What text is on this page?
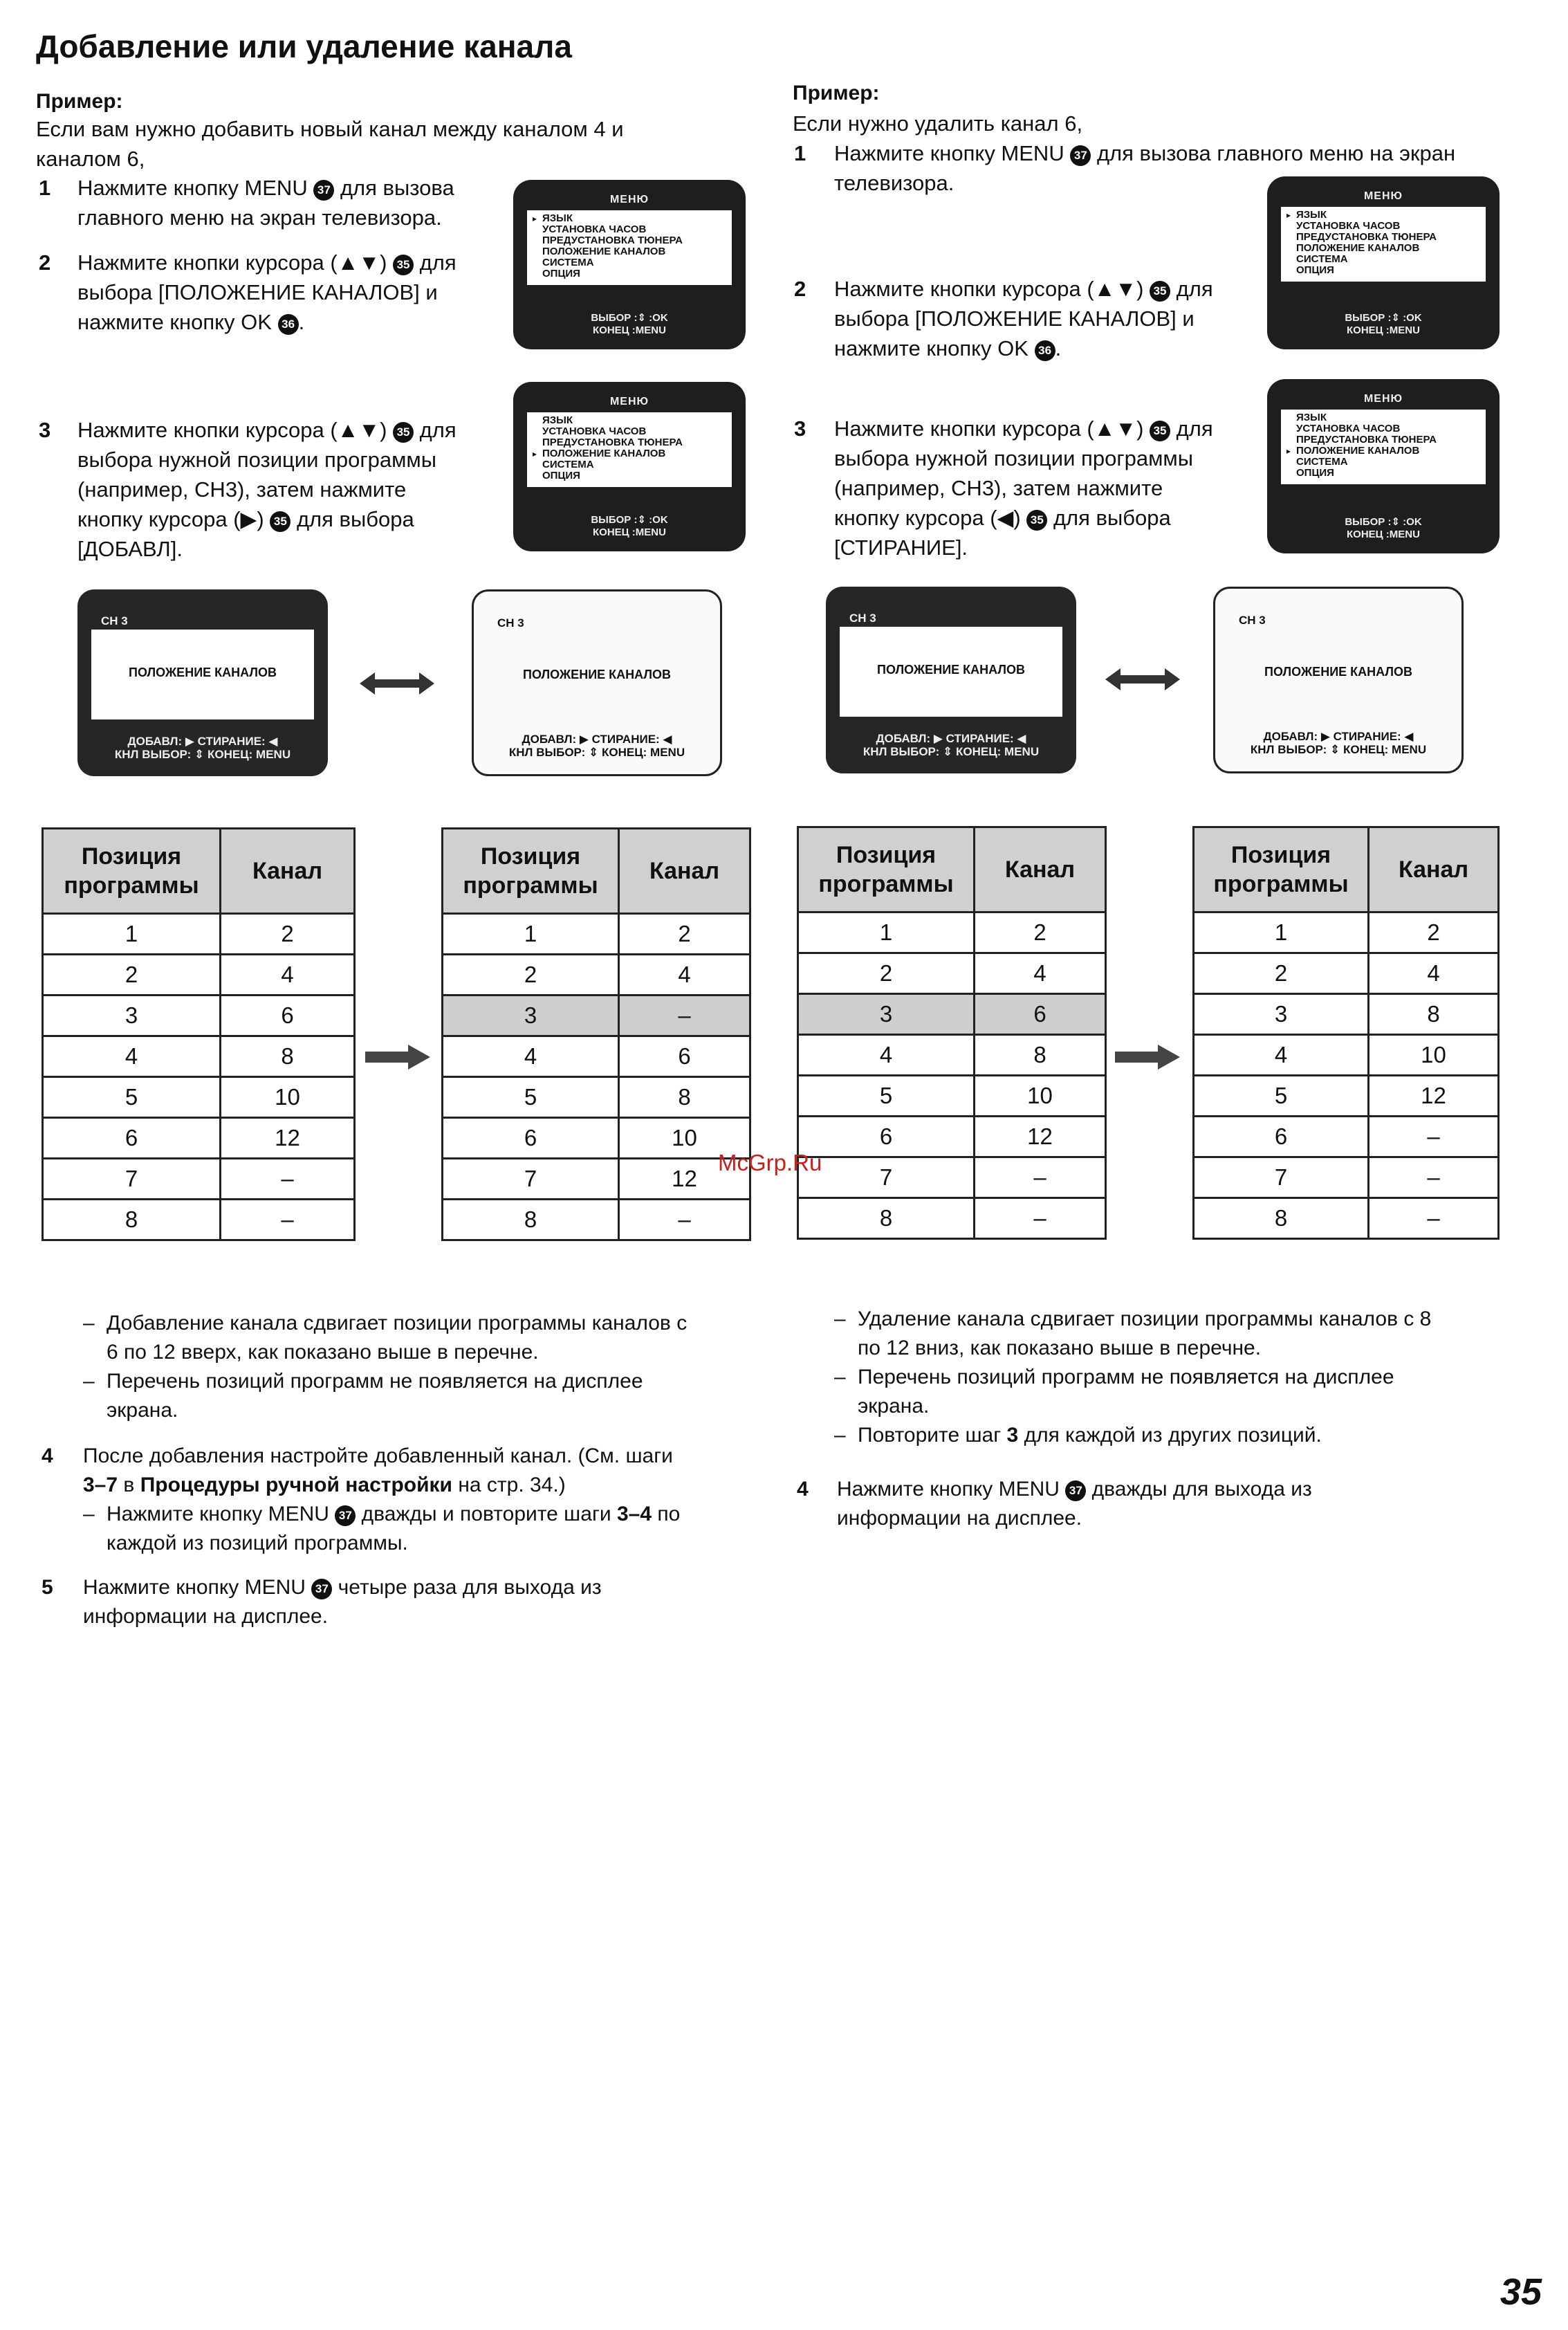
Добавление или удаление канала
Пример:
Если вам нужно добавить новый канал между каналом 4 и
каналом 6,
1 Нажмите кнопку MENU 37 для вызова
главного меню на экран телевизора.
2 Нажмите кнопки курсора (▲▼) 35 для
выбора [ПОЛОЖЕНИЕ КАНАЛОВ] и
нажмите кнопку OK 36 .
3 Нажмите кнопки курсора (▲▼) 35 для
выбора нужной позиции программы
(например, CH3), затем нажмите
кнопку курсора (▶) 35 для выбора
[ДОБАВЛ].
МЕНЮ
▸ ЯЗЫК
УСТАНОВКА ЧАСОВ
ПРЕДУСТАНОВКА ТЮНЕРА
ПОЛОЖЕНИЕ КАНАЛОВ
СИСТЕМА
ОПЦИЯ
ВЫБОР :⇕ :OK
КОНЕЦ :MENU
МЕНЮ
ЯЗЫК
УСТАНОВКА ЧАСОВ
ПРЕДУСТАНОВКА ТЮНЕРА
▸ ПОЛОЖЕНИЕ КАНАЛОВ
СИСТЕМА
ОПЦИЯ
ВЫБОР :⇕ :OK
КОНЕЦ :MENU
CH 3
ПОЛОЖЕНИЕ КАНАЛОВ
ДОБАВЛ: ▶ СТИРАНИЕ: ◀
КНЛ ВЫБОР: ⇕ КОНЕЦ: MENU
CH 3
ПОЛОЖЕНИЕ КАНАЛОВ
ДОБАВЛ: ▶ СТИРАНИЕ: ◀
КНЛ ВЫБОР: ⇕ КОНЕЦ: MENU
Пример:
Если нужно удалить канал 6,
1 Нажмите кнопку MENU 37 для вызова главного меню на экран
телевизора.
2 Нажмите кнопки курсора (▲▼) 35 для
выбора [ПОЛОЖЕНИЕ КАНАЛОВ] и
нажмите кнопку OK 36 .
3 Нажмите кнопки курсора (▲▼) 35 для
выбора нужной позиции программы
(например, CH3), затем нажмите
кнопку курсора (◀) 35 для выбора
[СТИРАНИЕ].
МЕНЮ
▸ ЯЗЫК
УСТАНОВКА ЧАСОВ
ПРЕДУСТАНОВКА ТЮНЕРА
ПОЛОЖЕНИЕ КАНАЛОВ
СИСТЕМА
ОПЦИЯ
ВЫБОР :⇕ :OK
КОНЕЦ :MENU
МЕНЮ
ЯЗЫК
УСТАНОВКА ЧАСОВ
ПРЕДУСТАНОВКА ТЮНЕРА
▸ ПОЛОЖЕНИЕ КАНАЛОВ
СИСТЕМА
ОПЦИЯ
ВЫБОР :⇕ :OK
КОНЕЦ :MENU
CH 3
ПОЛОЖЕНИЕ КАНАЛОВ
ДОБАВЛ: ▶ СТИРАНИЕ: ◀
КНЛ ВЫБОР: ⇕ КОНЕЦ: MENU
CH 3
ПОЛОЖЕНИЕ КАНАЛОВ
ДОБАВЛ: ▶ СТИРАНИЕ: ◀
КНЛ ВЫБОР: ⇕ КОНЕЦ: MENU
Позиция
программы	Канал
1	2
2	4
3	6
4	8
5	10
6	12
7	–
8	–
Позиция
программы	Канал
1	2
2	4
3	–
4	6
5	8
6	10
7	12
8	–
Позиция
программы	Канал
1	2
2	4
3	6
4	8
5	10
6	12
7	–
8	–
Позиция
программы	Канал
1	2
2	4
3	8
4	10
5	12
6	–
7	–
8	–
– Добавление канала сдвигает позиции программы каналов с
6 по 12 вверх, как показано выше в перечне.
– Перечень позиций программ не появляется на дисплее
экрана.
4 После добавления настройте добавленный канал. (См. шаги
3–7 в Процедуры ручной настройки на стр. 34.)
– Нажмите кнопку MENU 37 дважды и повторите шаги 3–4 по
каждой из позиций программы.
5 Нажмите кнопку MENU 37 четыре раза для выхода из
информации на дисплее.
– Удаление канала сдвигает позиции программы каналов с 8
по 12 вниз, как показано выше в перечне.
– Перечень позиций программ не появляется на дисплее
экрана.
– Повторите шаг 3 для каждой из других позиций.
4 Нажмите кнопку MENU 37 дважды для выхода из
информации на дисплее.
McGrp.Ru
35
